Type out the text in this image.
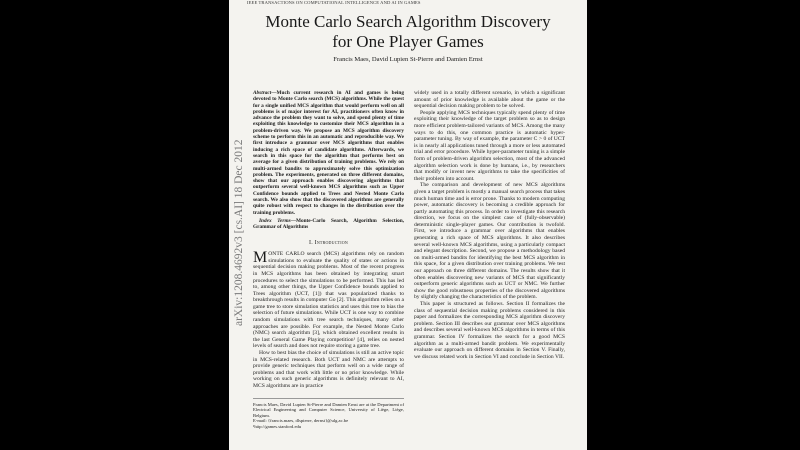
IEEE TRANSACTIONS ON COMPUTATIONAL INTELLIGENCE AND AI IN GAMES
arXiv:1208.4692v3 [cs.AI] 18 Dec 2012
Monte Carlo Search Algorithm Discovery
for One Player Games
Francis Maes, David Lupien St-Pierre and Damien Ernst
Abstract—Much current research in AI and games is being devoted to Monte Carlo search (MCS) algorithms. While the quest for a single unified MCS algorithm that would perform well on all problems is of major interest for AI, practitioners often know in advance the problem they want to solve, and spend plenty of time exploiting this knowledge to customize their MCS algorithm in a problem-driven way. We propose an MCS algorithm discovery scheme to perform this in an automatic and reproducible way. We first introduce a grammar over MCS algorithms that enables inducing a rich space of candidate algorithms. Afterwards, we search in this space for the algorithm that performs best on average for a given distribution of training problems. We rely on multi-armed bandits to approximately solve this optimization problem. The experiments, generated on three different domains, show that our approach enables discovering algorithms that outperform several well-known MCS algorithms such as Upper Confidence bounds applied to Trees and Nested Monte Carlo search. We also show that the discovered algorithms are generally quite robust with respect to changes in the distribution over the training problems.
Index Terms—Monte-Carlo Search, Algorithm Selection, Grammar of Algorithms
I. Introduction

MONTE CARLO search (MCS) algorithms rely on random simulations to evaluate the quality of states or actions in sequential decision making problems. Most of the recent progress in MCS algorithms has been obtained by integrating smart procedures to select the simulations to be performed. This has led to, among other things, the Upper Confidence bounds applied to Trees algorithm (UCT, [1]) that was popularized thanks to breakthrough results in computer Go [2]. This algorithm relies on a game tree to store simulation statistics and uses this tree to bias the selection of future simulations. While UCT is one way to combine random simulations with tree search techniques, many other approaches are possible. For example, the Nested Monte Carlo (NMC) search algorithm [3], which obtained excellent results in the last General Game Playing competition¹ [4], relies on nested levels of search and does not require storing a game tree.

How to best bias the choice of simulations is still an active topic in MCS-related research. Both UCT and NMC are attempts to provide generic techniques that perform well on a wide range of problems and that work with little or no prior knowledge. While working on such generic algorithms is definitely relevant to AI, MCS algorithms are in practice

Francis Maes, David Lupien St-Pierre and Damien Ernst are at the Department of Electrical Engineering and Computer Science, University of Liège, Liège, Belgium.
E-mail: {francis.maes, dlspierre, dernst}@ulg.ac.be
¹http://games.stanford.edu

widely used in a totally different scenario, in which a significant amount of prior knowledge is available about the game or the sequential decision making problem to be solved.

People applying MCS techniques typically spend plenty of time exploiting their knowledge of the target problem so as to design more efficient problem-tailored variants of MCS. Among the many ways to do this, one common practice is automatic hyper-parameter tuning. By way of example, the parameter C > 0 of UCT is in nearly all applications tuned through a more or less automated trial and error procedure. While hyper-parameter tuning is a simple form of problem-driven algorithm selection, most of the advanced algorithm selection work is done by humans, i.e., by researchers that modify or invent new algorithms to take the specificities of their problem into account.

The comparison and development of new MCS algorithms given a target problem is mostly a manual search process that takes much human time and is error prone. Thanks to modern computing power, automatic discovery is becoming a credible approach for partly automating this process. In order to investigate this research direction, we focus on the simplest case of (fully-observable) deterministic single-player games. Our contribution is twofold. First, we introduce a grammar over algorithms that enables generating a rich space of MCS algorithms. It also describes several well-known MCS algorithms, using a particularly compact and elegant description. Second, we propose a methodology based on multi-armed bandits for identifying the best MCS algorithm in this space, for a given distribution over training problems. We test our approach on three different domains. The results show that it often enables discovering new variants of MCS that significantly outperform generic algorithms such as UCT or NMC. We further show the good robustness properties of the discovered algorithms by slightly changing the characteristics of the problem.

This paper is structured as follows. Section II formalizes the class of sequential decision making problems considered in this paper and formalizes the corresponding MCS algorithm discovery problem. Section III describes our grammar over MCS algorithms and describes several well-known MCS algorithms in terms of this grammar. Section IV formalizes the search for a good MCS algorithm as a multi-armed bandit problem. We experimentally evaluate our approach on different domains in Section V. Finally, we discuss related work in Section VI and conclude in Section VII.
